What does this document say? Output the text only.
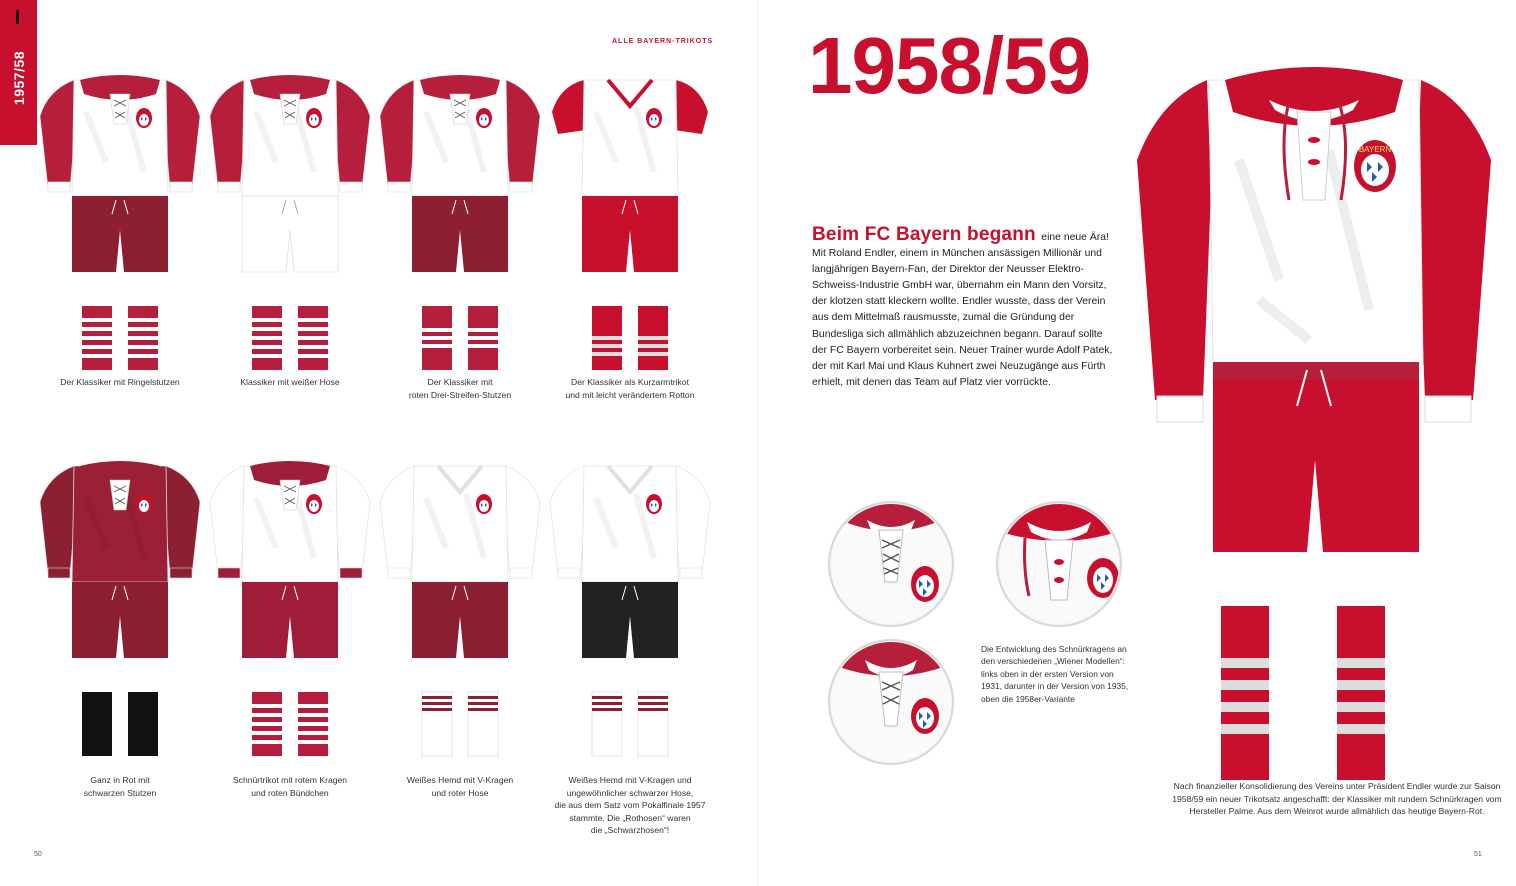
1957/58
ALLE BAYERN-TRIKOTS
Der Klassiker mit Ringelstutzen	Klassiker mit weißer Hose	Der Klassiker mit
roten Drei-Streifen-Stutzen
Der Klassiker als Kurzarmtrikot
und mit leicht verändertem Rotton
Ganz in Rot mit
schwarzen Stutzen
Schnürtrikot mit rotem Kragen
und roten Bündchen
Weißes Hemd mit V-Kragen
und roter Hose
Weißes Hemd mit V-Kragen und
ungewöhnlicher schwarzer Hose,
die aus dem Satz vom Pokalfinale 1957
stammte. Die „Rothosen“ waren
die „Schwarzhosen“!
50
1958/59
Beim FC Bayern begann eine neue Ära! Mit Roland Endler, einem in München ansässigen Millionär und langjährigen Bayern-Fan, der Direktor der Neusser Elektro-Schweiss-Industrie GmbH war, übernahm ein Mann den Vorsitz, der klotzen statt kleckern wollte. Endler wusste, dass der Verein aus dem Mittelmaß rausmusste, zumal die Gründung der Bundesliga sich allmählich abzuzeichnen begann. Darauf sollte der FC Bayern vorbereitet sein. Neuer Trainer wurde Adolf Patek, der mit Karl Mai und Klaus Kuhnert zwei Neuzugänge aus Fürth erhielt, mit denen das Team auf Platz vier vorrückte.
Die Entwicklung des Schnürkragens an den verschiedenen „Wiener Modellen“: links oben in der ersten Version von 1931, darunter in der Version von 1935, oben die 1958er-Variante
BAYERN
Nach finanzieller Konsolidierung des Vereins unter Präsident Endler wurde zur Saison 1958/59 ein neuer Trikotsatz angeschafft: der Klassiker mit rundem Schnürkragen vom Hersteller Palme. Aus dem Weinrot wurde allmählich das heutige Bayern-Rot.
51
